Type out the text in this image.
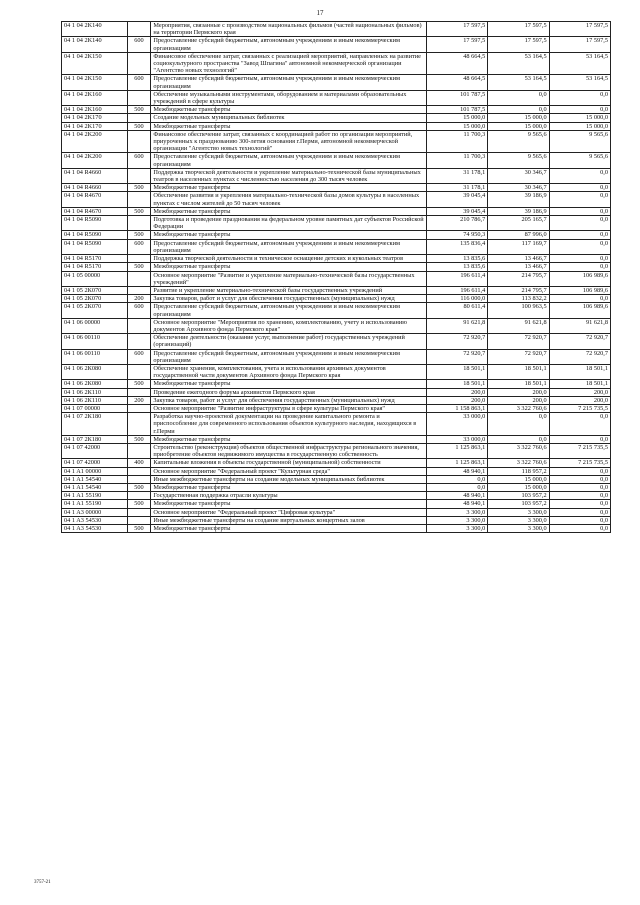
17
04 1 04 2K140		Мероприятия, связанные с производством национальных фильмов (частей национальных фильмов) на территории Пермского края	17 597,5	17 597,5	17 597,5
04 1 04 2K140	600	Предоставление субсидий бюджетным, автономным учреждениям и иным некоммерческим организациям	17 597,5	17 597,5	17 597,5
04 1 04 2K150		Финансовое обеспечение затрат, связанных с реализацией мероприятий, направленных на развитие социокультурного пространства "Завод Шпагина" автономной некоммерческой организации "Агентство новых технологий"	48 664,5	53 164,5	53 164,5
04 1 04 2K150	600	Предоставление субсидий бюджетным, автономным учреждениям и иным некоммерческим организациям	48 664,5	53 164,5	53 164,5
04 1 04 2K160		Обеспечение музыкальными инструментами, оборудованием и материалами образовательных учреждений в сфере культуры	101 787,5	0,0	0,0
04 1 04 2K160	500	Межбюджетные трансферты	101 787,5	0,0	0,0
04 1 04 2K170		Создание модельных муниципальных библиотек	15 000,0	15 000,0	15 000,0
04 1 04 2K170	500	Межбюджетные трансферты	15 000,0	15 000,0	15 000,0
04 1 04 2K200		Финансовое обеспечение затрат, связанных с координацией работ по организации мероприятий, приуроченных к празднованию 300-летия основания г.Перми, автономной некоммерческой организации "Агентство новых технологий"	11 700,3	9 565,6	9 565,6
04 1 04 2K200	600	Предоставление субсидий бюджетным, автономным учреждениям и иным некоммерческим организациям	11 700,3	9 565,6	9 565,6
04 1 04 R4660		Поддержка творческой деятельности и укрепление материально-технической базы муниципальных театров в населенных пунктах с численностью населения до 300 тысяч человек	31 178,1	30 346,7	0,0
04 1 04 R4660	500	Межбюджетные трансферты	31 178,1	30 346,7	0,0
04 1 04 R4670		Обеспечение развития и укрепления материально-технической базы домов культуры в населенных пунктах с числом жителей до 50 тысяч человек	39 045,4	39 186,9	0,0
04 1 04 R4670	500	Межбюджетные трансферты	39 045,4	39 186,9	0,0
04 1 04 R5090		Подготовка и проведение празднования на федеральном уровне памятных дат субъектов Российской Федерации	210 786,7	205 165,7	0,0
04 1 04 R5090	500	Межбюджетные трансферты	74 950,3	87 996,0	0,0
04 1 04 R5090	600	Предоставление субсидий бюджетным, автономным учреждениям и иным некоммерческим организациям	135 836,4	117 169,7	0,0
04 1 04 R5170		Поддержка творческой деятельности и техническое оснащение детских и кукольных театров	13 835,6	13 466,7	0,0
04 1 04 R5170	500	Межбюджетные трансферты	13 835,6	13 466,7	0,0
04 1 05 00000		Основное мероприятие "Развитие и укрепление материально-технической базы государственных учреждений"	196 611,4	214 795,7	106 989,6
04 1 05 2К070		Развитие и укрепление материально-технической базы государственных учреждений	196 611,4	214 795,7	106 989,6
04 1 05 2К070	200	Закупка товаров, работ и услуг для обеспечения государственных (муниципальных) нужд	116 000,0	113 832,2	0,0
04 1 05 2К070	600	Предоставление субсидий бюджетным, автономным учреждениям и иным некоммерческим организациям	80 611,4	100 963,5	106 989,6
04 1 06 00000		Основное мероприятие "Мероприятия по хранению, комплектованию, учету и использованию документов Архивного фонда Пермского края"	91 621,8	91 621,8	91 621,8
04 1 06 00110		Обеспечение деятельности (оказание услуг, выполнение работ) государственных учреждений (организаций)	72 920,7	72 920,7	72 920,7
04 1 06 00110	600	Предоставление субсидий бюджетным, автономным учреждениям и иным некоммерческим организациям	72 920,7	72 920,7	72 920,7
04 1 06 2К080		Обеспечение хранения, комплектования, учета и использования архивных документов государственной части документов Архивного фонда Пермского края	18 501,1	18 501,1	18 501,1
04 1 06 2К080	500	Межбюджетные трансферты	18 501,1	18 501,1	18 501,1
04 1 06 2К110		Проведение ежегодного форума архивистов Пермского края	200,0	200,0	200,0
04 1 06 2К110	200	Закупка товаров, работ и услуг для обеспечения государственных (муниципальных) нужд	200,0	200,0	200,0
04 1 07 00000		Основное мероприятие "Развитие инфраструктуры в сфере культуры Пермского края"	1 158 863,1	3 322 760,6	7 215 735,5
04 1 07 2К180		Разработка научно-проектной документации на проведение капитального ремонта и приспособление для современного использования объектов культурного наследия, находящихся в г.Перми	33 000,0	0,0	0,0
04 1 07 2К180	500	Межбюджетные трансферты	33 000,0	0,0	0,0
04 1 07 42000		Строительство (реконструкция) объектов общественной инфраструктуры регионального значения, приобретение объектов недвижимого имущества в государственную собственность	1 125 863,1	3 322 760,6	7 215 735,5
04 1 07 42000	400	Капитальные вложения в объекты государственной (муниципальной) собственности	1 125 863,1	3 322 760,6	7 215 735,5
04 1 A1 00000		Основное мероприятие "Федеральный проект "Культурная среда"	48 940,1	118 957,2	0,0
04 1 A1 54540		Иные межбюджетные трансферты на создание модельных муниципальных библиотек	0,0	15 000,0	0,0
04 1 A1 54540	500	Межбюджетные трансферты	0,0	15 000,0	0,0
04 1 A1 55190		Государственная поддержка отрасли культуры	48 940,1	103 957,2	0,0
04 1 A1 55190	500	Межбюджетные трансферты	48 940,1	103 957,2	0,0
04 1 A3 00000		Основное мероприятие "Федеральный проект "Цифровая культура"	3 300,0	3 300,0	0,0
04 1 A3 54530		Иные межбюджетные трансферты на создание виртуальных концертных залов	3 300,0	3 300,0	0,0
04 1 A3 54530	500	Межбюджетные трансферты	3 300,0	3 300,0	0,0
3757-21
